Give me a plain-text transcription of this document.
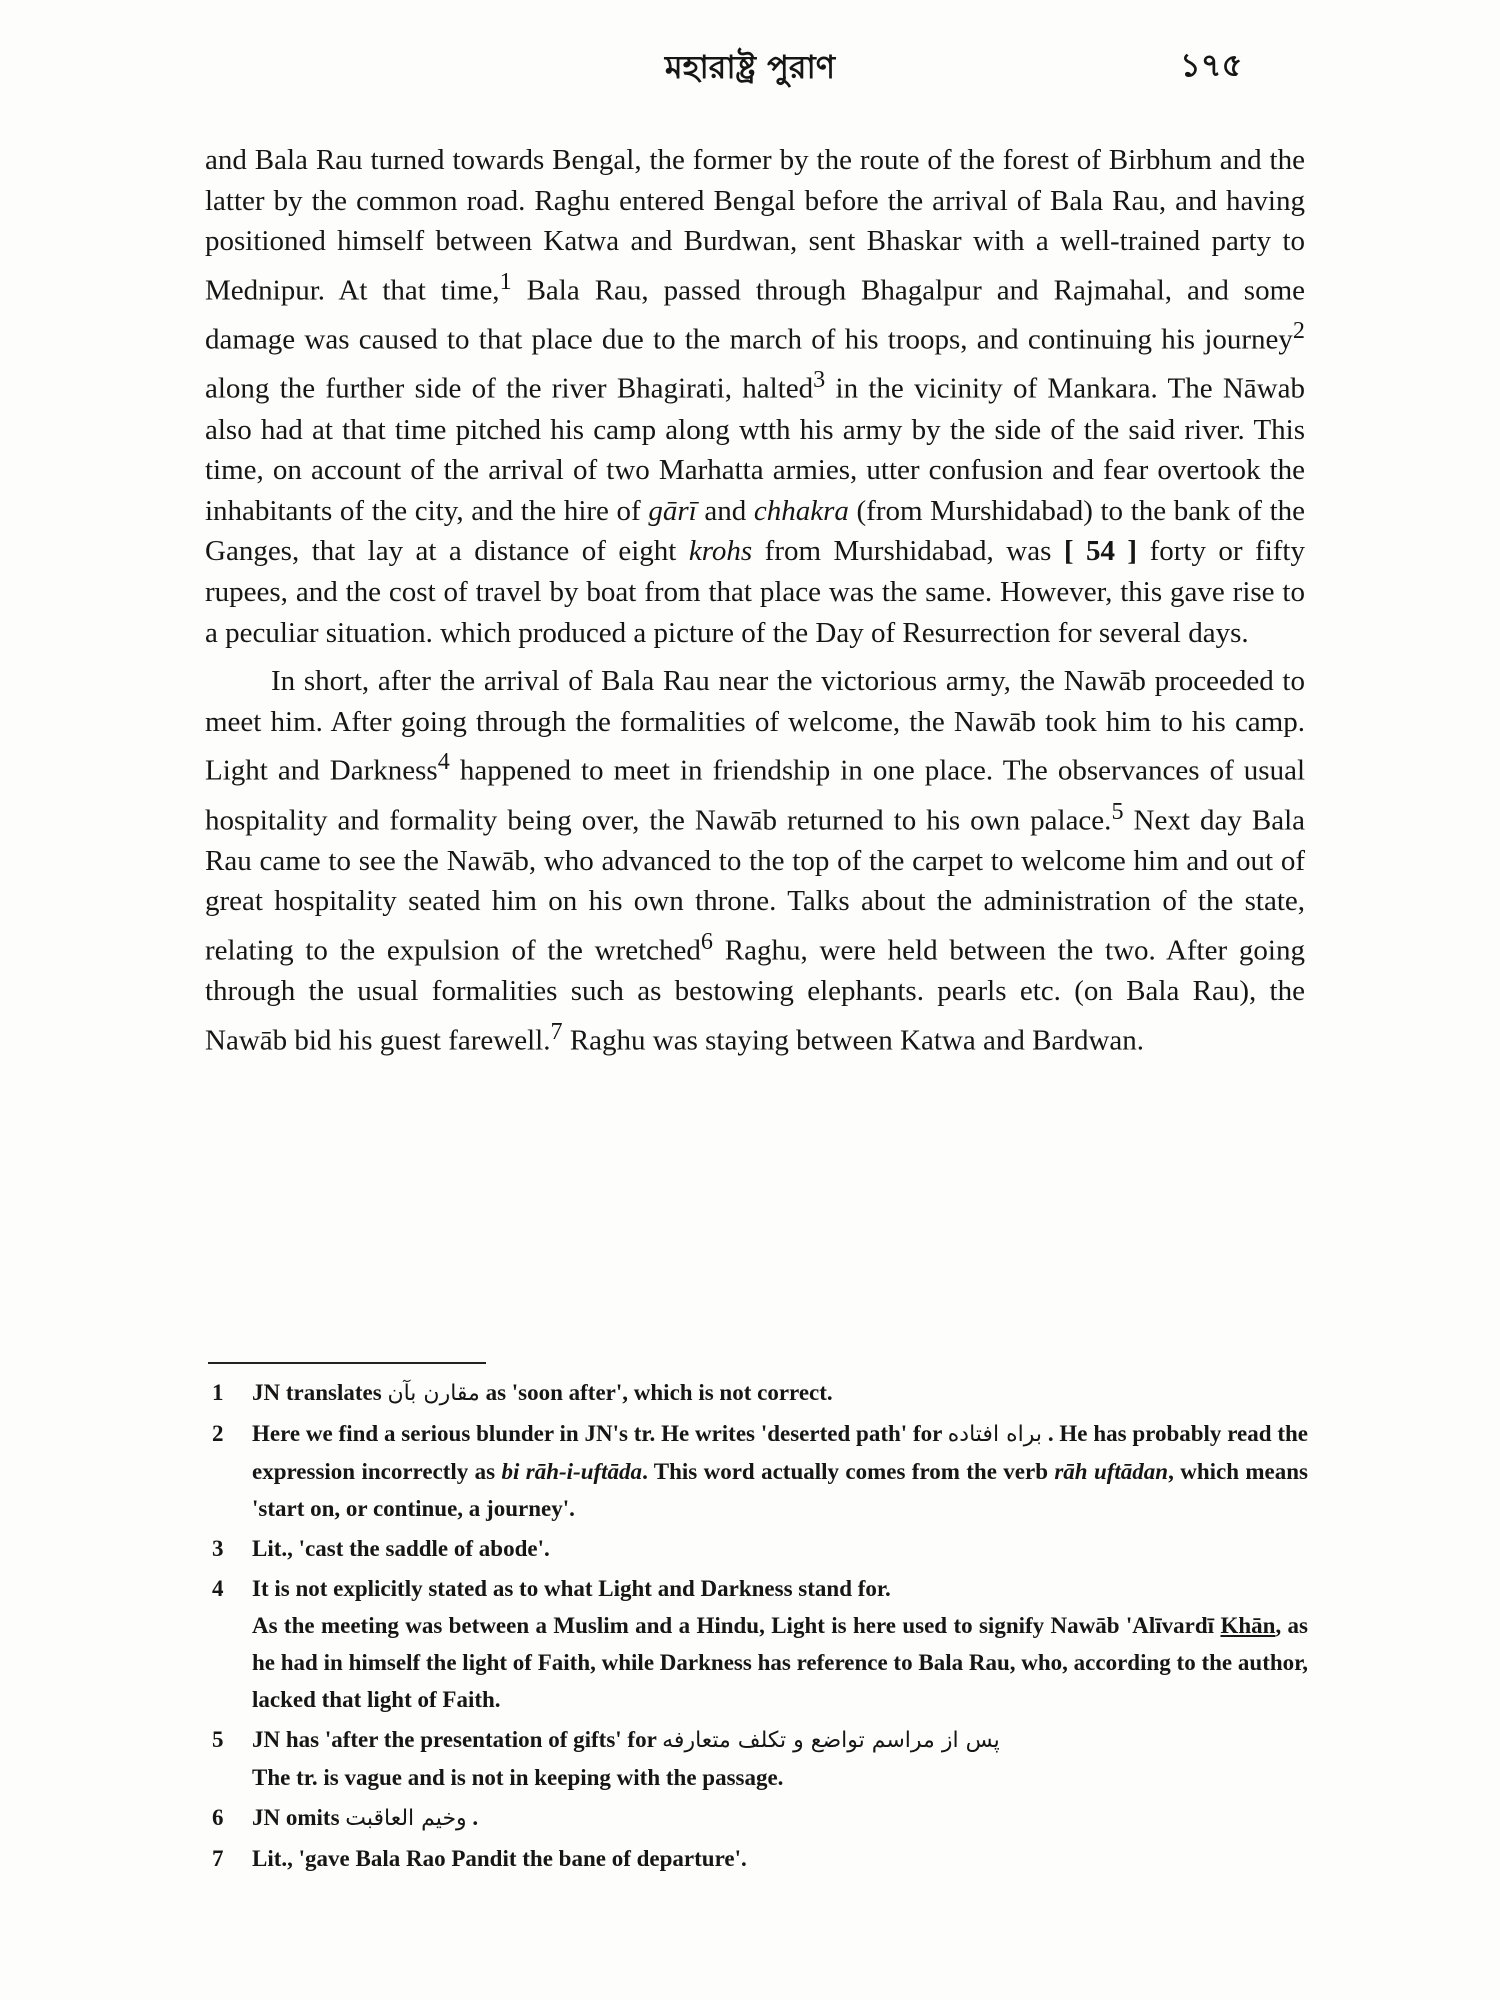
মহারাষ্ট্র পুরাণ	১৭৫

and Bala Rau turned towards Bengal, the former by the route of the forest of Birbhum and the latter by the common road. Raghu entered Bengal before the arrival of Bala Rau, and having positioned himself between Katwa and Burdwan, sent Bhaskar with a well-trained party to Mednipur. At that time,$^1$ Bala Rau, passed through Bhagalpur and Rajmahal, and some damage was caused to that place due to the march of his troops, and continuing his journey$^2$ along the further side of the river Bhagirati, halted$^3$ in the vicinity of Mankara. The Nāwab also had at that time pitched his camp along wtth his army by the side of the said river. This time, on account of the arrival of two Marhatta armies, utter confusion and fear overtook the inhabitants of the city, and the hire of gārī and chhakra (from Murshidabad) to the bank of the Ganges, that lay at a distance of eight krohs from Murshidabad, was [ 54 ] forty or fifty rupees, and the cost of travel by boat from that place was the same. However, this gave rise to a peculiar situation. which produced a picture of the Day of Resurrection for several days.

In short, after the arrival of Bala Rau near the victorious army, the Nawāb proceeded to meet him. After going through the formalities of welcome, the Nawāb took him to his camp. Light and Darkness$^4$ happened to meet in friendship in one place. The observances of usual hospitality and formality being over, the Nawāb returned to his own palace.$^5$ Next day Bala Rau came to see the Nawāb, who advanced to the top of the carpet to welcome him and out of great hospitality seated him on his own throne. Talks about the administration of the state, relating to the expulsion of the wretched$^6$ Raghu, were held between the two. After going through the usual formalities such as bestowing elephants. pearls etc. (on Bala Rau), the Nawāb bid his guest farewell.$^7$ Raghu was staying between Katwa and Bardwan.

1	JN translates مقارن بآن as 'soon after', which is not correct.
2	Here we find a serious blunder in JN's tr. He writes 'deserted path' for براه افتاده . He has probably read the expression incorrectly as bi rāh-i-uftāda. This word actually comes from the verb rāh uftādan, which means 'start on, or continue, a journey'.
3	Lit., 'cast the saddle of abode'.
4	It is not explicitly stated as to what Light and Darkness stand for.
As the meeting was between a Muslim and a Hindu, Light is here used to signify Nawāb 'Alīvardī Khān, as he had in himself the light of Faith, while Darkness has reference to Bala Rau, who, according to the author, lacked that light of Faith.
5	JN has 'after the presentation of gifts' for پس از مراسم تواضع و تکلف متعارفه
The tr. is vague and is not in keeping with the passage.
6	JN omits وخیم العاقبت .
7	Lit., 'gave Bala Rao Pandit the bane of departure'.
